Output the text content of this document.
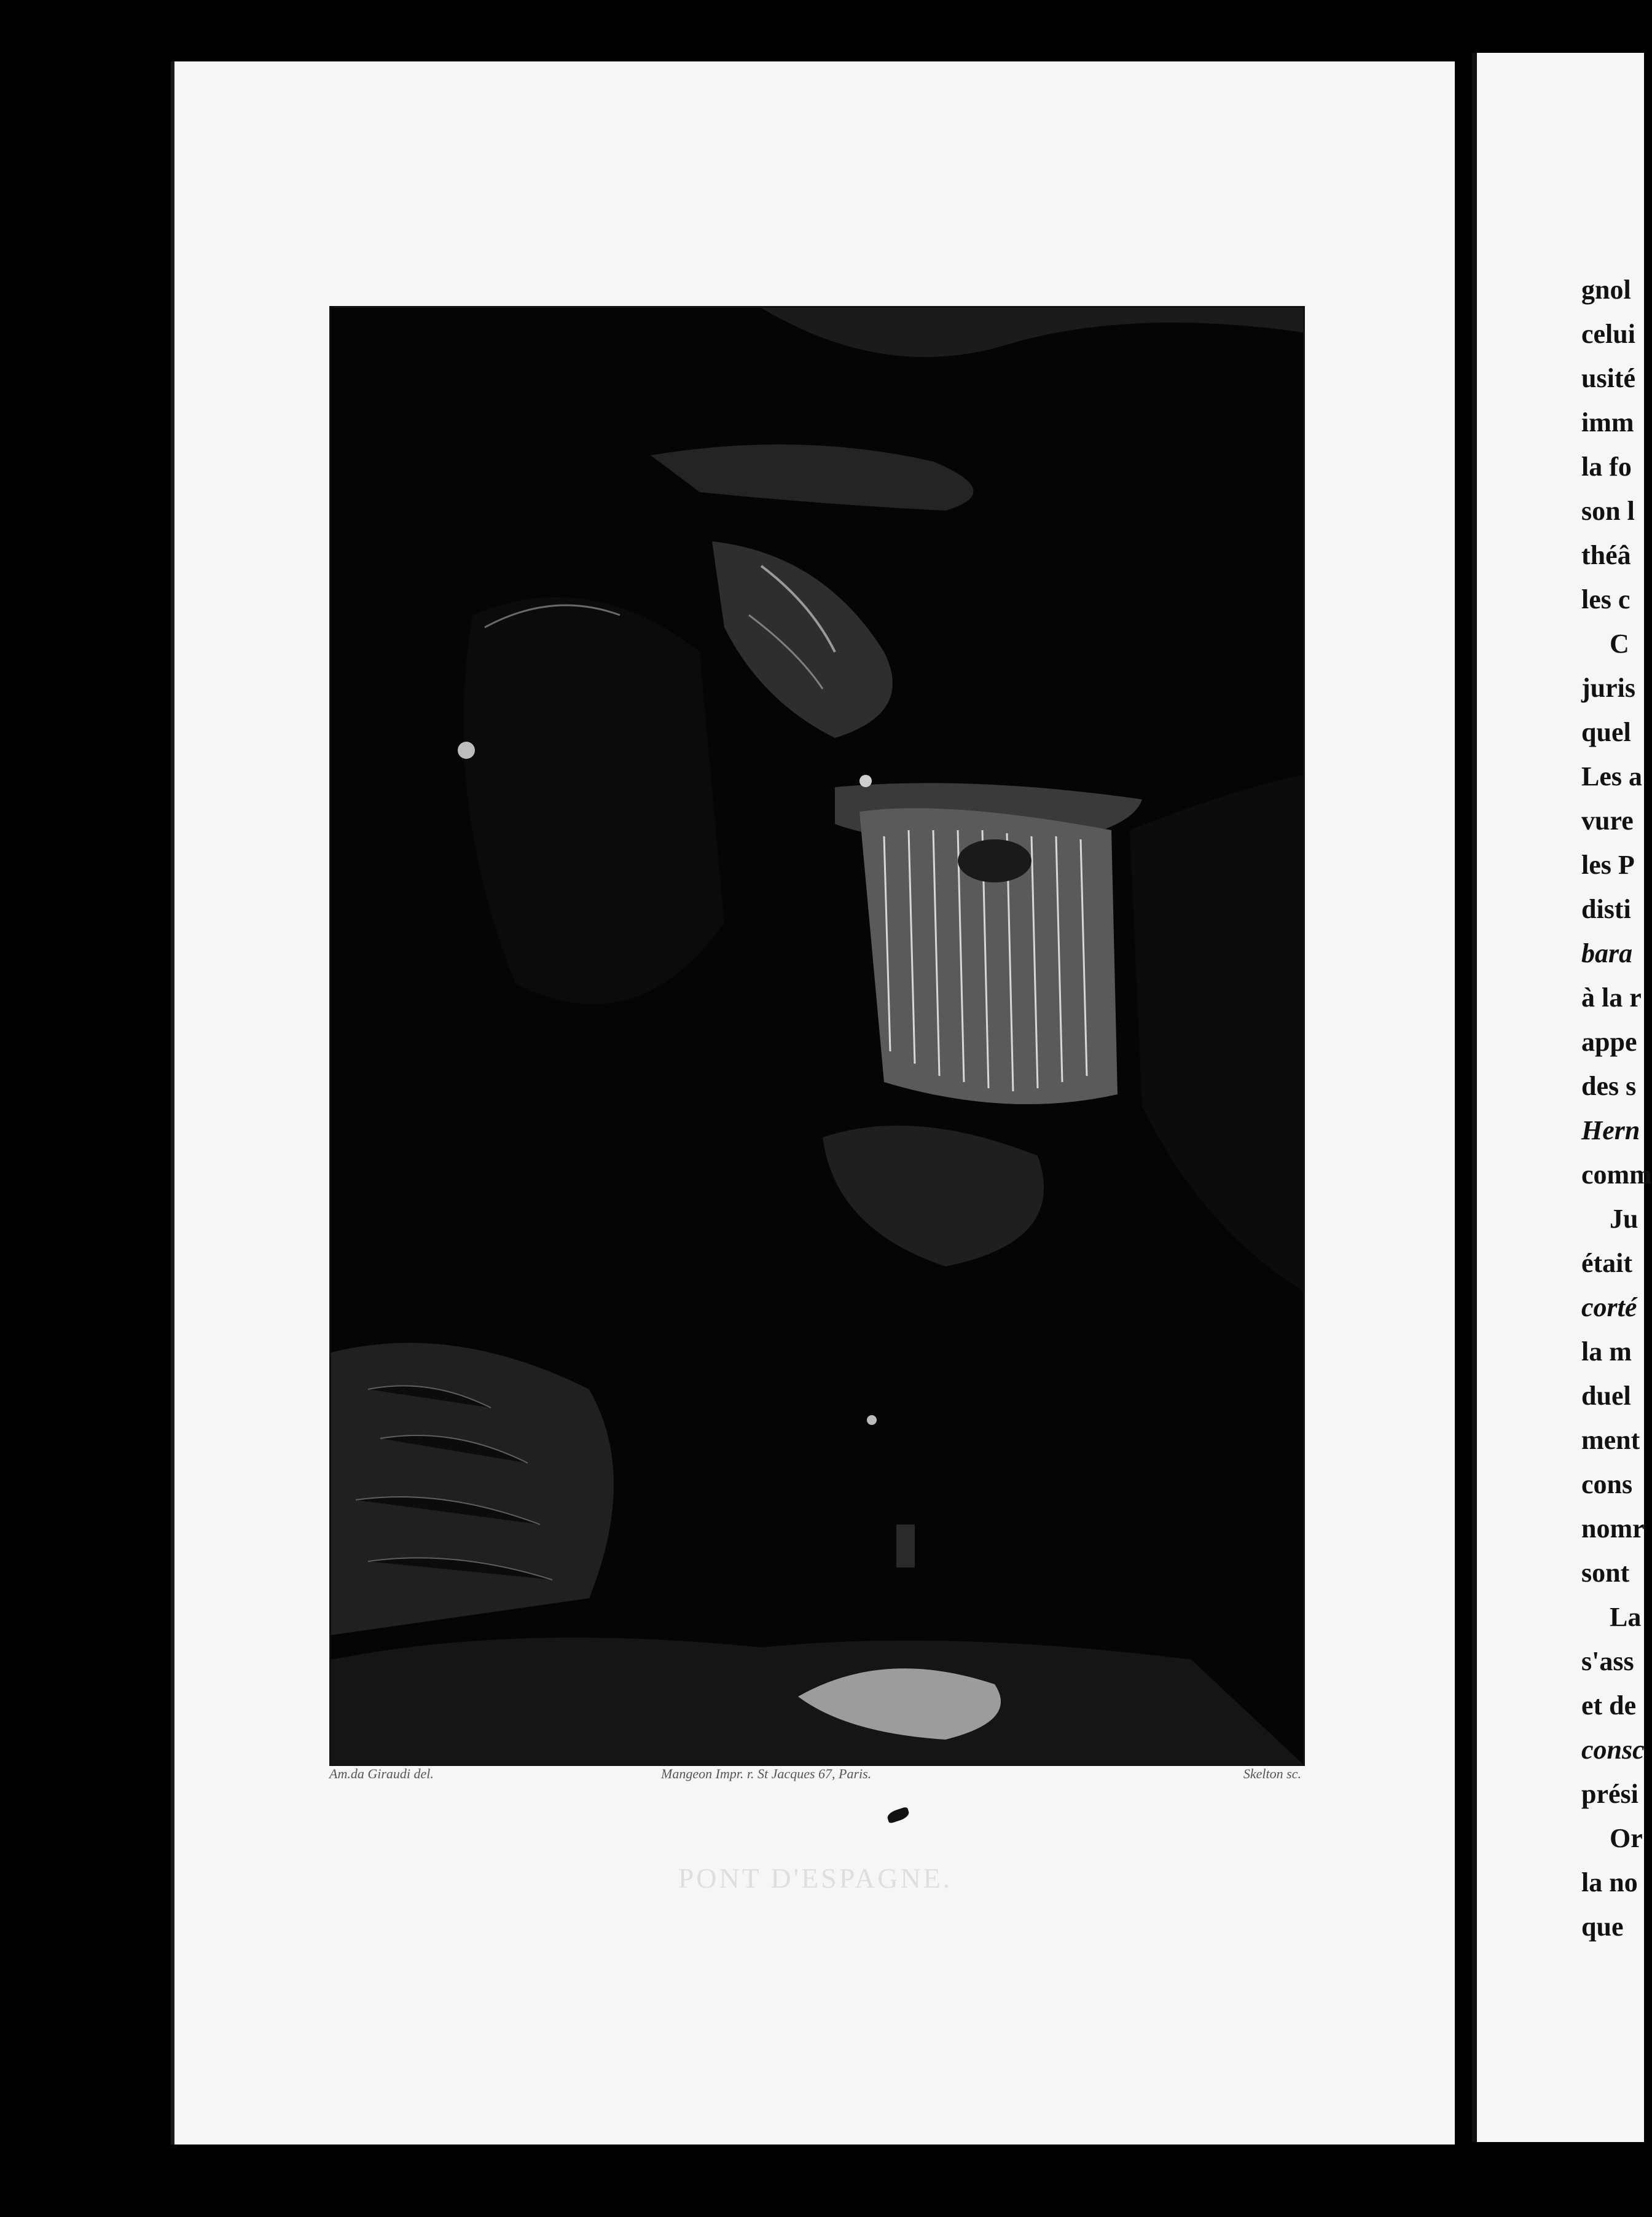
Am.da Giraudi del.	Mangeon Impr. r. St Jacques 67, Paris.	Skelton sc.
PONT D'ESPAGNE.
gnol
celui
usité
imm
la fo
son l
théâ
les c
C
juris
quel
Les a
vure
les P
disti
bara
à la r
appe
des s
Hern
comm
Ju
était
corté
la m
duel
ment
cons
nomr
sont
La
s'ass
et de
consc
prési
Or
la no
que
